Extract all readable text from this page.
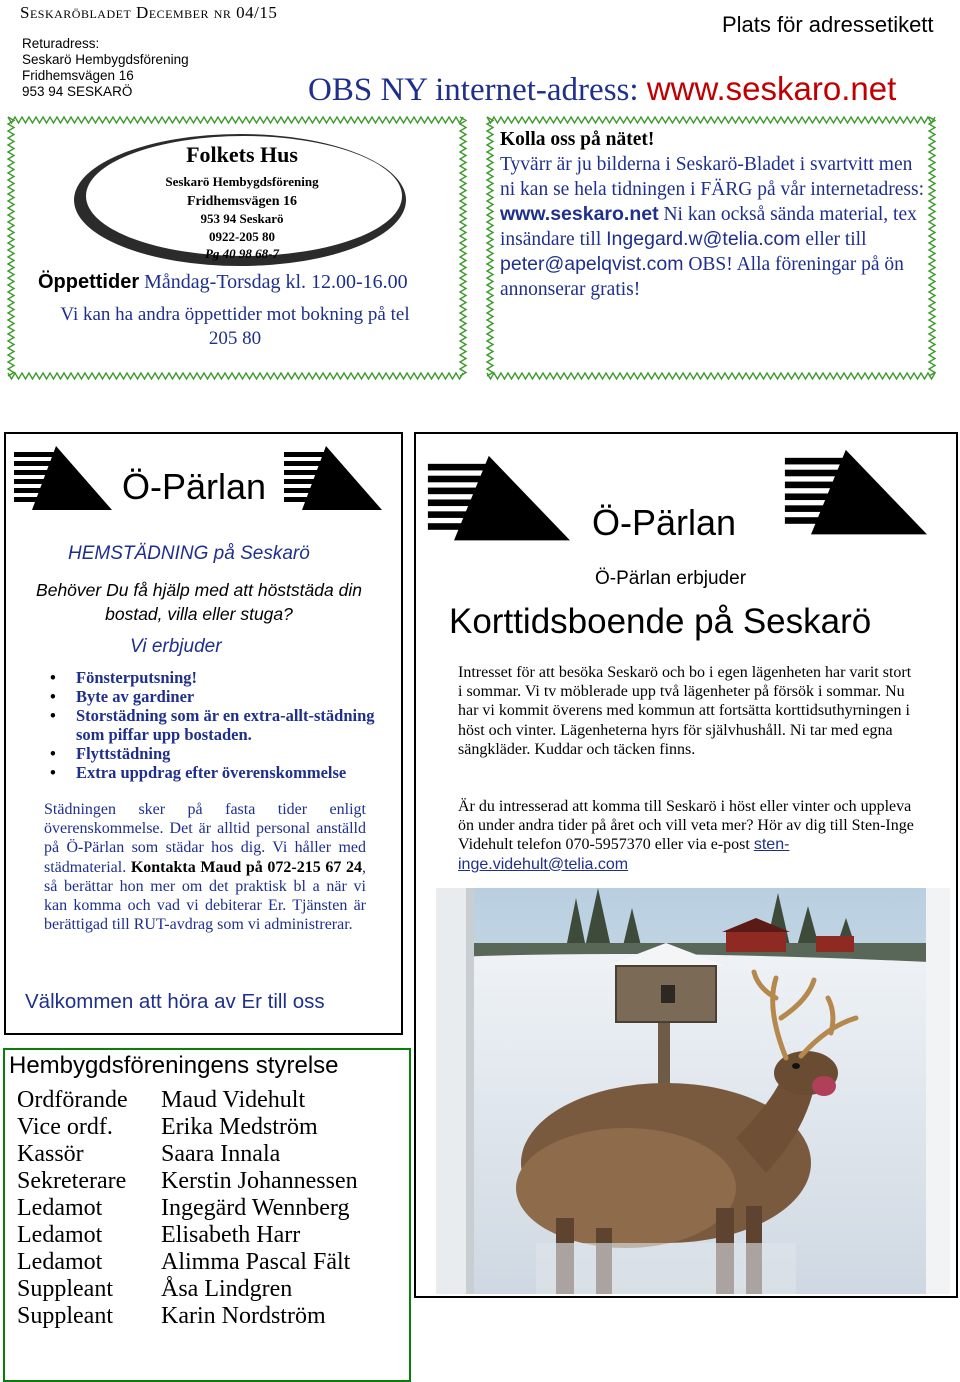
Seskaröbladet December nr 04/15
Returadress:
Seskarö Hembygdsförening
Fridhemsvägen 16
953 94 SESKARÖ
Plats för adressetikett
OBS NY internet-adress: www.seskaro.net
Folkets Hus
Seskarö Hembygdsförening
Fridhemsvägen 16
953 94 Seskarö
0922-205 80
Pg 40 98 68-7
Öppettider Måndag-Torsdag kl. 12.00-16.00
Vi kan ha andra öppettider mot bokning på tel 205 80
Kolla oss på nätet!
Tyvärr är ju bilderna i Seskarö-Bladet i svartvitt men ni kan se hela tidningen i FÄRG på vår internetadress: www.seskaro.net Ni kan också sända material, tex insändare till Ingegard.w@telia.com eller till peter@apelqvist.com OBS! Alla föreningar på ön annonserar gratis!
Ö-Pärlan
HEMSTÄDNING på Seskarö
Behöver Du få hjälp med att höststäda din bostad, villa eller stuga?
Vi erbjuder
• Fönsterputsning!
• Byte av gardiner
• Storstädning som är en extra-allt-städning som piffar upp bostaden.
• Flyttstädning
• Extra uppdrag efter överenskommelse
Städningen sker på fasta tider enligt överenskommelse. Det är alltid personal anställd på Ö-Pärlan som städar hos dig. Vi håller med städmaterial. Kontakta Maud på 072-215 67 24, så berättar hon mer om det praktisk bl a när vi kan komma och vad vi debiterar Er. Tjänsten är berättigad till RUT-avdrag som vi administrerar.
Välkommen att höra av Er till oss
Ö-Pärlan
Ö-Pärlan erbjuder
Korttidsboende på Seskarö
Intresset för att besöka Seskarö och bo i egen lägenheten har varit stort i sommar. Vi tv möblerade upp två lägenheter på försök i sommar. Nu har vi kommit överens med kommun att fortsätta korttidsuthyrningen i höst och vinter. Lägenheterna hyrs för självhushåll. Ni tar med egna sängkläder. Kuddar och täcken finns.
Är du intresserad att komma till Seskarö i höst eller vinter och uppleva ön under andra tider på året och vill veta mer? Hör av dig till Sten-Inge Videhult telefon 070-5957370 eller via e-post sten-inge.videhult@telia.com
Hembygdsföreningens styrelse
Ordförande	Maud Videhult
Vice ordf.	Erika Medström
Kassör	Saara Innala
Sekreterare	Kerstin Johannessen
Ledamot	Ingegärd Wennberg
Ledamot	Elisabeth Harr
Ledamot	Alimma Pascal Fält
Suppleant	Åsa Lindgren
Suppleant	Karin Nordström
